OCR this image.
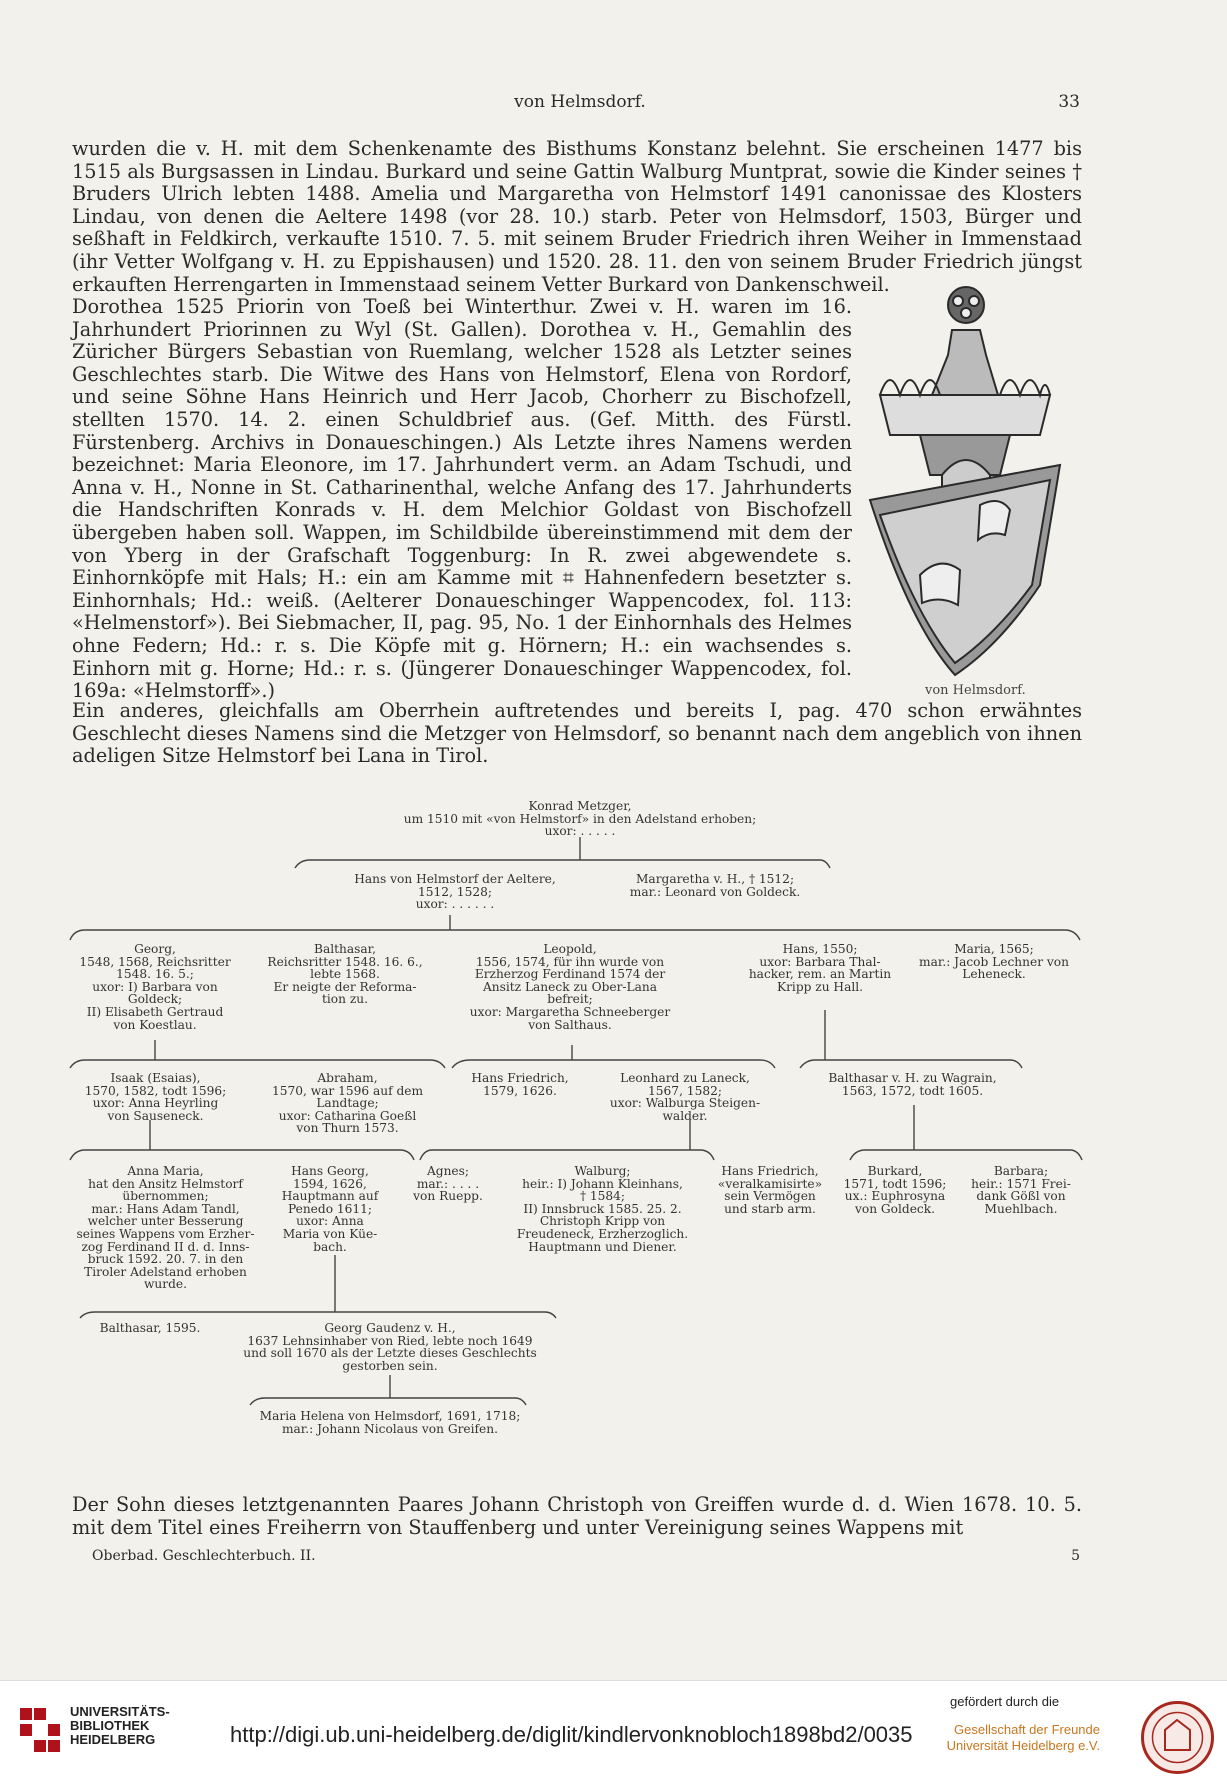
von Helmsdorf.	33
wurden die v. H. mit dem Schenkenamte des Bisthums Konstanz belehnt. Sie erscheinen 1477 bis 1515 als Burgsassen in Lindau. Burkard und seine Gattin Walburg Muntprat, sowie die Kinder seines † Bruders Ulrich lebten 1488. Amelia und Margaretha von Helmstorf 1491 canonissae des Klosters Lindau, von denen die Aeltere 1498 (vor 28. 10.) starb. Peter von Helmsdorf, 1503, Bürger und seßhaft in Feldkirch, verkaufte 1510. 7. 5. mit seinem Bruder Friedrich ihren Weiher in Immenstaad (ihr Vetter Wolfgang v. H. zu Eppishausen) und 1520. 28. 11. den von seinem Bruder Friedrich jüngst erkauften Herrengarten in Immenstaad seinem Vetter Burkard von Dankenschweil.
Dorothea 1525 Priorin von Toeß bei Winterthur. Zwei v. H. waren im 16. Jahrhundert Priorinnen zu Wyl (St. Gallen). Dorothea v. H., Gemahlin des Züricher Bürgers Sebastian von Ruemlang, welcher 1528 als Letzter seines Geschlechtes starb. Die Witwe des Hans von Helmstorf, Elena von Rordorf, und seine Söhne Hans Heinrich und Herr Jacob, Chorherr zu Bischofzell, stellten 1570. 14. 2. einen Schuldbrief aus. (Gef. Mitth. des Fürstl. Fürstenberg. Archivs in Donaueschingen.) Als Letzte ihres Namens werden bezeichnet: Maria Eleonore, im 17. Jahrhundert verm. an Adam Tschudi, und Anna v. H., Nonne in St. Catharinenthal, welche Anfang des 17. Jahrhunderts die Handschriften Konrads v. H. dem Melchior Goldast von Bischofzell übergeben haben soll. Wappen, im Schildbilde übereinstimmend mit dem der von Yberg in der Grafschaft Toggenburg: In R. zwei abgewendete s. Einhornköpfe mit Hals; H.: ein am Kamme mit ⌗ Hahnenfedern besetzter s. Einhornhals; Hd.: weiß. (Aelterer Donaueschinger Wappencodex, fol. 113: «Helmenstorf»). Bei Siebmacher, II, pag. 95, No. 1 der Einhornhals des Helmes ohne Federn; Hd.: r. s. Die Köpfe mit g. Hörnern; H.: ein wachsendes s. Einhorn mit g. Horne; Hd.: r. s. (Jüngerer Donaueschinger Wappencodex, fol. 169a: «Helmstorff».)	von Helmsdorf.
Ein anderes, gleichfalls am Oberrhein auftretendes und bereits I, pag. 470 schon erwähntes Geschlecht dieses Namens sind die Metzger von Helmsdorf, so benannt nach dem angeblich von ihnen adeligen Sitze Helmstorf bei Lana in Tirol.
Konrad Metzger,
um 1510 mit «von Helmstorf» in den Adelstand erhoben;
uxor: . . . . .
Hans von Helmstorf der Aeltere,
1512, 1528;
uxor: . . . . . .
Margaretha v. H., † 1512;
mar.: Leonard von Goldeck.
Georg,
1548, 1568, Reichsritter
1548. 16. 5.;
uxor: I) Barbara von
Goldeck;
II) Elisabeth Gertraud
von Koestlau.
Balthasar,
Reichsritter 1548. 16. 6.,
lebte 1568.
Er neigte der Reforma-
tion zu.
Leopold,
1556, 1574, für ihn wurde von
Erzherzog Ferdinand 1574 der
Ansitz Laneck zu Ober-Lana
befreit;
uxor: Margaretha Schneeberger
von Salthaus.
Hans, 1550;
uxor: Barbara Thal-
hacker, rem. an Martin
Kripp zu Hall.
Maria, 1565;
mar.: Jacob Lechner von
Leheneck.
Isaak (Esaias),
1570, 1582, todt 1596;
uxor: Anna Heyrling
von Sauseneck.
Abraham,
1570, war 1596 auf dem
Landtage;
uxor: Catharina Goeßl
von Thurn 1573.
Hans Friedrich,
1579, 1626.
Leonhard zu Laneck,
1567, 1582;
uxor: Walburga Steigen-
walder.
Balthasar v. H. zu Wagrain,
1563, 1572, todt 1605.
Anna Maria,
hat den Ansitz Helmstorf
übernommen;
mar.: Hans Adam Tandl,
welcher unter Besserung
seines Wappens vom Erzher-
zog Ferdinand II d. d. Inns-
bruck 1592. 20. 7. in den
Tiroler Adelstand erhoben
wurde.
Hans Georg,
1594, 1626,
Hauptmann auf
Penedo 1611;
uxor: Anna
Maria von Küe-
bach.
Agnes;
mar.: . . . .
von Ruepp.
Walburg;
heir.: I) Johann Kleinhans,
† 1584;
II) Innsbruck 1585. 25. 2.
Christoph Kripp von
Freudeneck, Erzherzoglich.
Hauptmann und Diener.
Hans Friedrich,
«veralkamisirte»
sein Vermögen
und starb arm.
Burkard,
1571, todt 1596;
ux.: Euphrosyna
von Goldeck.
Barbara;
heir.: 1571 Frei-
dank Gößl von
Muehlbach.
Balthasar, 1595.	Georg Gaudenz v. H.,
1637 Lehnsinhaber von Ried, lebte noch 1649
und soll 1670 als der Letzte dieses Geschlechts
gestorben sein.
Maria Helena von Helmsdorf, 1691, 1718;
mar.: Johann Nicolaus von Greifen.
Der Sohn dieses letztgenannten Paares Johann Christoph von Greiffen wurde d. d. Wien 1678. 10. 5. mit dem Titel eines Freiherrn von Stauffenberg und unter Vereinigung seines Wappens mit
Oberbad. Geschlechterbuch. II.	5
UNIVERSITÄTS-
BIBLIOTHEK
HEIDELBERG	http://digi.ub.uni-heidelberg.de/diglit/kindlervonknobloch1898bd2/0035
gefördert durch die
Gesellschaft der Freunde
Universität Heidelberg e.V.
